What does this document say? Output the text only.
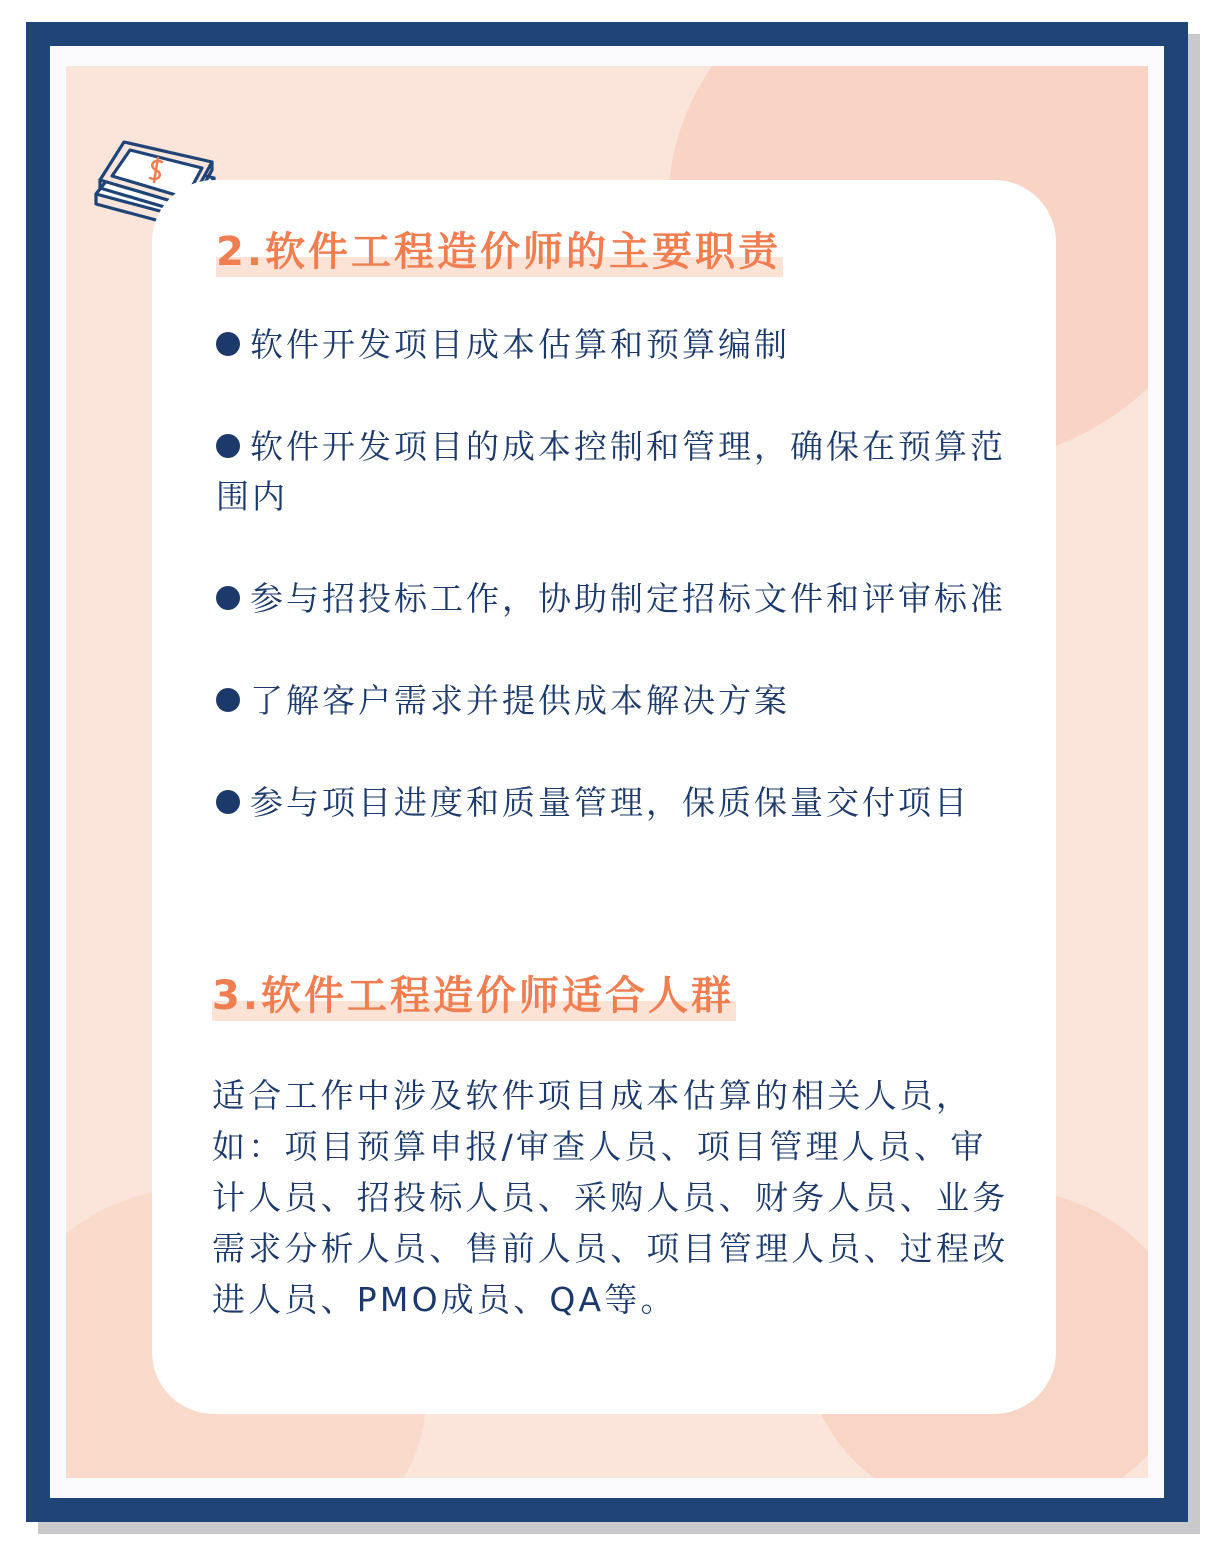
2.软件工程造价师的主要职责
软件开发项目成本估算和预算编制
软件开发项目的成本控制和管理，确保在预算范围内
参与招投标工作，协助制定招标文件和评审标准
了解客户需求并提供成本解决方案
参与项目进度和质量管理，保质保量交付项目
3.软件工程造价师适合人群

适合工作中涉及软件项目成本估算的相关人员，如：项目预算申报/审查人员、项目管理人员、审计人员、招投标人员、采购人员、财务人员、业务需求分析人员、售前人员、项目管理人员、过程改进人员、PMO成员、QA等。
